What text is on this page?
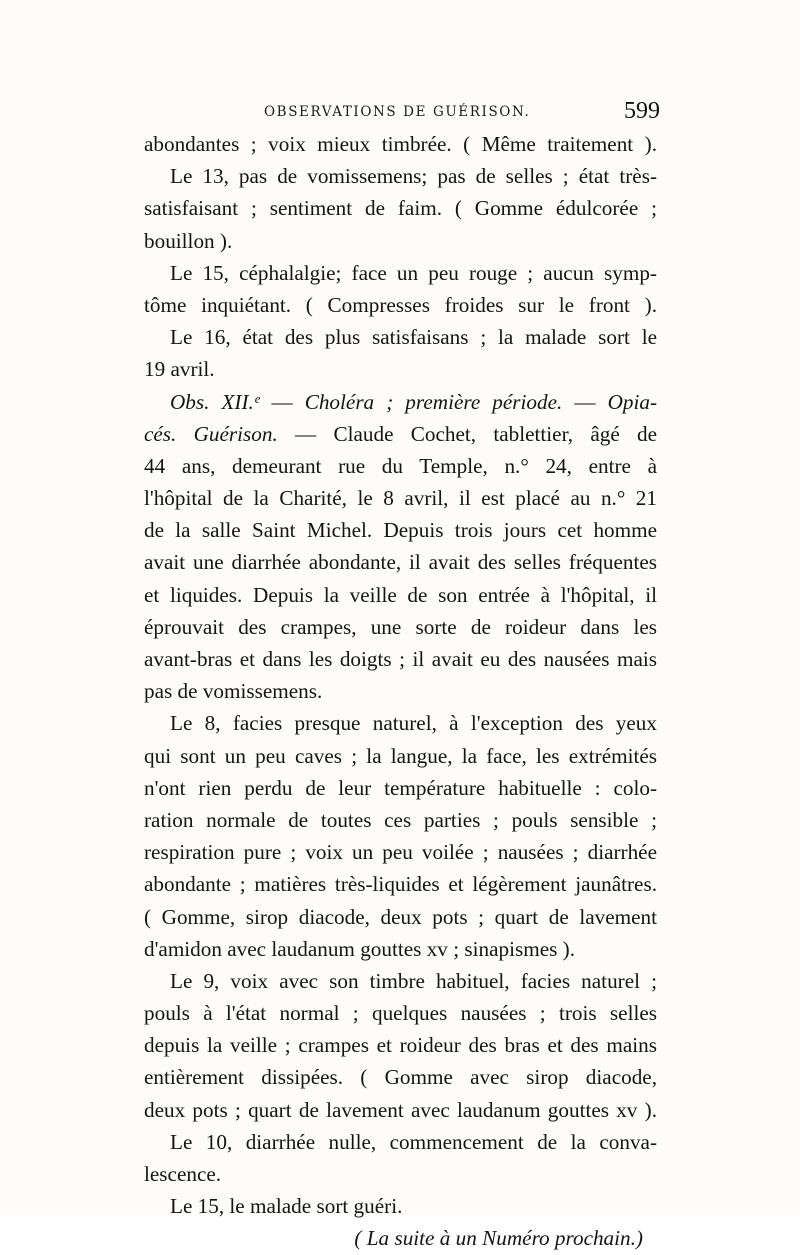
OBSERVATIONS DE GUÉRISON.	599
abondantes ; voix mieux timbrée. ( Même traitement ).
Le 13, pas de vomissemens; pas de selles ; état très-
satisfaisant ; sentiment de faim. ( Gomme édulcorée ;
bouillon ).
Le 15, céphalalgie; face un peu rouge ; aucun symp-
tôme inquiétant. ( Compresses froides sur le front ).
Le 16, état des plus satisfaisans ; la malade sort le
19 avril.
Obs. XII.ᵉ — Choléra ; première période. — Opia-
cés. Guérison. — Claude Cochet, tablettier, âgé de
44 ans, demeurant rue du Temple, n.° 24, entre à
l'hôpital de la Charité, le 8 avril, il est placé au n.° 21
de la salle Saint Michel. Depuis trois jours cet homme
avait une diarrhée abondante, il avait des selles fréquentes
et liquides. Depuis la veille de son entrée à l'hôpital, il
éprouvait des crampes, une sorte de roideur dans les
avant-bras et dans les doigts ; il avait eu des nausées mais
pas de vomissemens.
Le 8, facies presque naturel, à l'exception des yeux
qui sont un peu caves ; la langue, la face, les extrémités
n'ont rien perdu de leur température habituelle : colo-
ration normale de toutes ces parties ; pouls sensible ;
respiration pure ; voix un peu voilée ; nausées ; diarrhée
abondante ; matières très-liquides et légèrement jaunâtres.
( Gomme, sirop diacode, deux pots ; quart de lavement
d'amidon avec laudanum gouttes xv ; sinapismes ).
Le 9, voix avec son timbre habituel, facies naturel ;
pouls à l'état normal ; quelques nausées ; trois selles
depuis la veille ; crampes et roideur des bras et des mains
entièrement dissipées. ( Gomme avec sirop diacode,
deux pots ; quart de lavement avec laudanum gouttes xv ).
Le 10, diarrhée nulle, commencement de la conva-
lescence.
Le 15, le malade sort guéri.
( La suite à un Numéro prochain.)
